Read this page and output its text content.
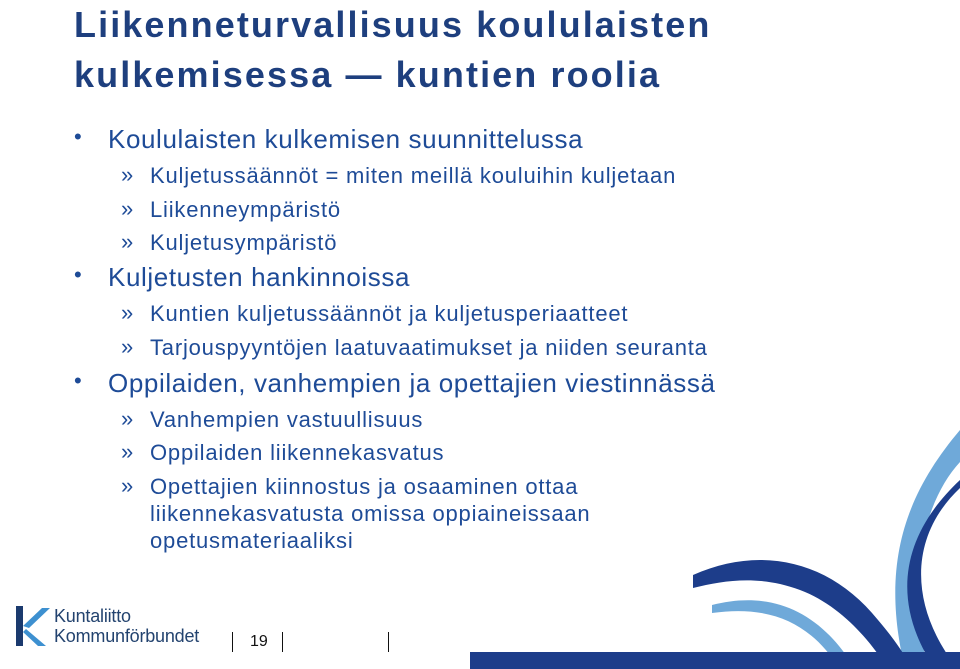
Liikenneturvallisuus koululaisten
kulkemisessa — kuntien roolia
• Koululaisten kulkemisen suunnittelussa
» Kuljetussäännöt = miten meillä kouluihin kuljetaan
» Liikenneympäristö
» Kuljetusympäristö
• Kuljetusten hankinnoissa
» Kuntien kuljetussäännöt ja kuljetusperiaatteet
» Tarjouspyyntöjen laatuvaatimukset ja niiden seuranta
• Oppilaiden, vanhempien ja opettajien viestinnässä
» Vanhempien vastuullisuus
» Oppilaiden liikennekasvatus
» Opettajien kiinnostus ja osaaminen ottaa
liikennekasvatusta omissa oppiaineissaan
opetusmateriaaliksi
Kuntaliitto
Kommunförbundet	19
